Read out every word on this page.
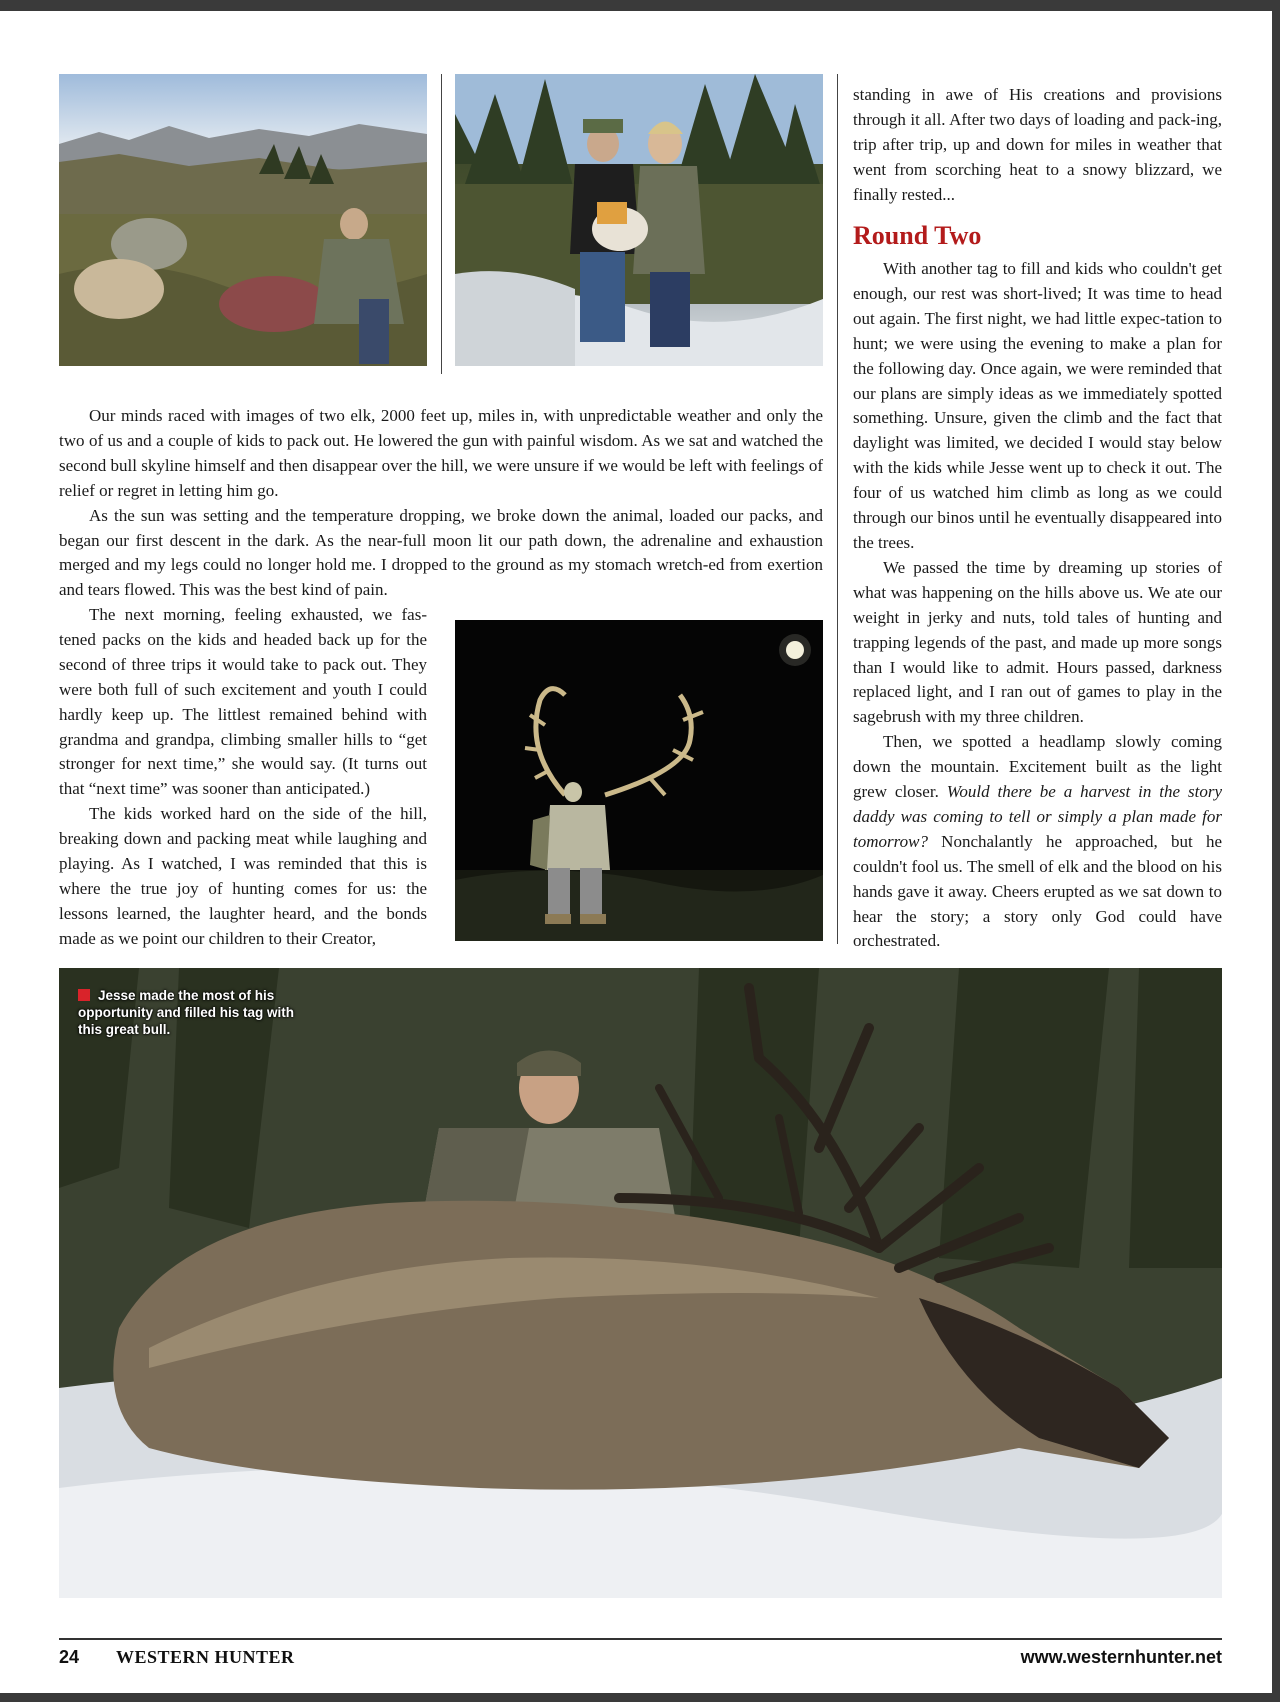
standing in awe of His creations and provisions through it all. After two days of loading and pack-ing, trip after trip, up and down for miles in weather that went from scorching heat to a snowy blizzard, we finally rested...

Round Two

With another tag to fill and kids who couldn't get enough, our rest was short-lived; It was time to head out again. The first night, we had little expec-tation to hunt; we were using the evening to make a plan for the following day. Once again, we were reminded that our plans are simply ideas as we immediately spotted something. Unsure, given the climb and the fact that daylight was limited, we decided I would stay below with the kids while Jesse went up to check it out. The four of us watched him climb as long as we could through our binos until he eventually disappeared into the trees.

We passed the time by dreaming up stories of what was happening on the hills above us. We ate our weight in jerky and nuts, told tales of hunting and trapping legends of the past, and made up more songs than I would like to admit. Hours passed, darkness replaced light, and I ran out of games to play in the sagebrush with my three children.

Then, we spotted a headlamp slowly coming down the mountain. Excitement built as the light grew closer. Would there be a harvest in the story daddy was coming to tell or simply a plan made for tomorrow? Nonchalantly he approached, but he couldn't fool us. The smell of elk and the blood on his hands gave it away. Cheers erupted as we sat down to hear the story; a story only God could have orchestrated.

Our minds raced with images of two elk, 2000 feet up, miles in, with unpredictable weather and only the two of us and a couple of kids to pack out. He lowered the gun with painful wisdom. As we sat and watched the second bull skyline himself and then disappear over the hill, we were unsure if we would be left with feelings of relief or regret in letting him go.

As the sun was setting and the temperature dropping, we broke down the animal, loaded our packs, and began our first descent in the dark. As the near-full moon lit our path down, the adrenaline and exhaustion merged and my legs could no longer hold me. I dropped to the ground as my stomach wretch-ed from exertion and tears flowed. This was the best kind of pain.

The next morning, feeling exhausted, we fas-tened packs on the kids and headed back up for the second of three trips it would take to pack out. They were both full of such excitement and youth I could hardly keep up. The littlest remained behind with grandma and grandpa, climbing smaller hills to “get stronger for next time,” she would say. (It turns out that “next time” was sooner than anticipated.)

The kids worked hard on the side of the hill, breaking down and packing meat while laughing and playing. As I watched, I was reminded that this is where the true joy of hunting comes for us: the lessons learned, the laughter heard, and the bonds made as we point our children to their Creator,

Jesse made the most of his opportunity and filled his tag with this great bull.
24 WESTERN HUNTER	www.westernhunter.net
